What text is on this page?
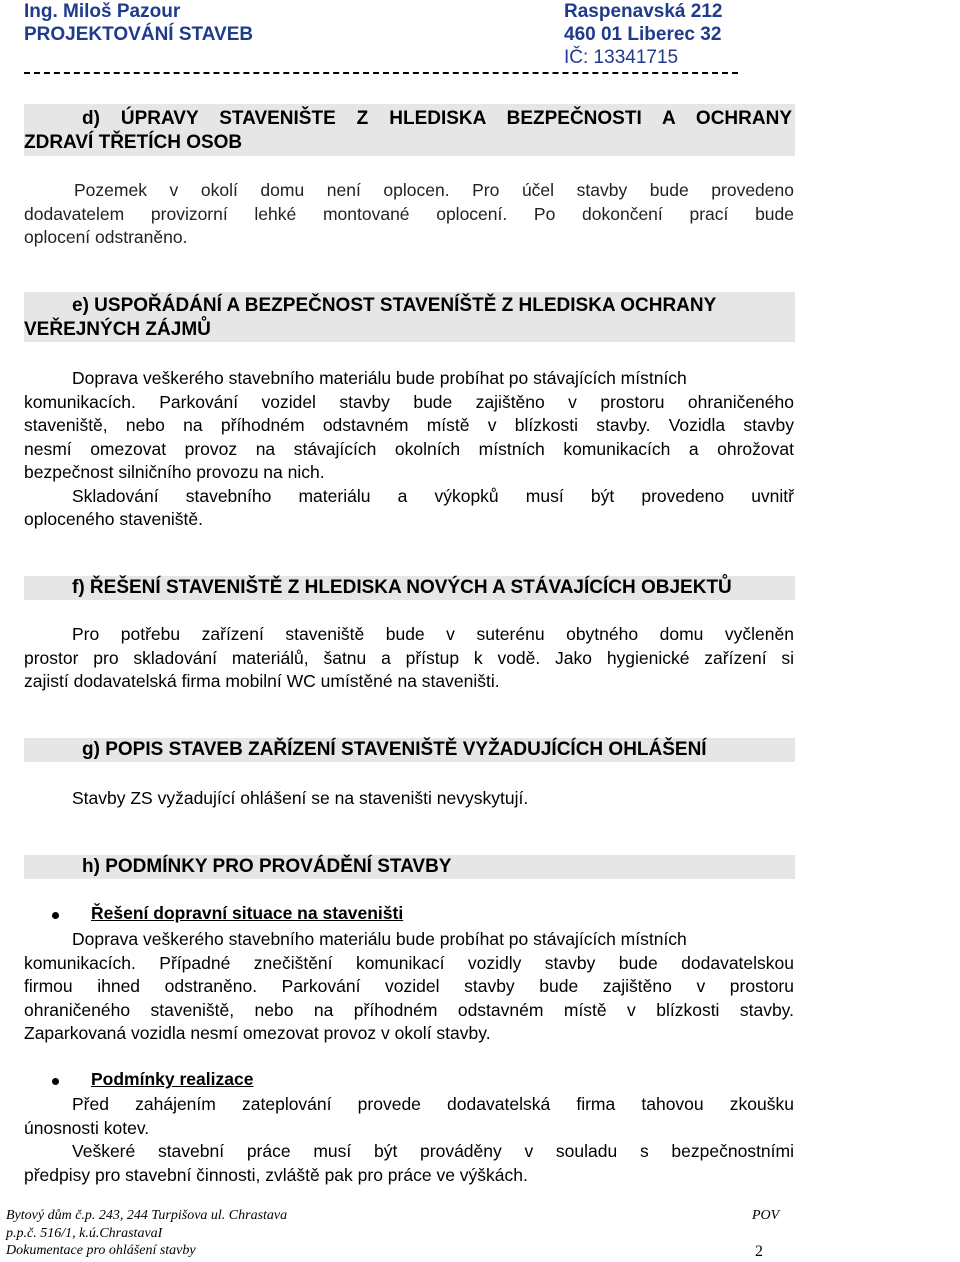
Ing. Miloš Pazour
PROJEKTOVÁNÍ STAVEB
Raspenavská 212
460 01 Liberec 32
IČ: 13341715
d) ÚPRAVY STAVENIŠTE Z HLEDISKA BEZPEČNOSTI A OCHRANY
ZDRAVÍ TŘETÍCH OSOB
Pozemek v okolí domu není oplocen. Pro účel stavby bude provedeno
dodavatelem provizorní lehké montované oplocení. Po dokončení prací bude
oplocení odstraněno.
e) USPOŘÁDÁNÍ A BEZPEČNOST STAVENÍŠTĚ Z HLEDISKA OCHRANY
VEŘEJNÝCH ZÁJMŮ
Doprava veškerého stavebního materiálu bude probíhat po stávajících místních
komunikacích. Parkování vozidel stavby bude zajištěno v prostoru ohraničeného
staveniště, nebo na příhodném odstavném místě v blízkosti stavby. Vozidla stavby
nesmí omezovat provoz na stávajících okolních místních komunikacích a ohrožovat
bezpečnost silničního provozu na nich.
Skladování stavebního materiálu a výkopků musí být provedeno uvnitř
oploceného staveniště.
f) ŘEŠENÍ STAVENIŠTĚ Z HLEDISKA NOVÝCH A STÁVAJÍCÍCH OBJEKTŮ
Pro potřebu zařízení staveniště bude v suterénu obytného domu vyčleněn
prostor pro skladování materiálů, šatnu a přístup k vodě. Jako hygienické zařízení si
zajistí dodavatelská firma mobilní WC umístěné na staveništi.
g) POPIS STAVEB ZAŘÍZENÍ STAVENIŠTĚ VYŽADUJÍCÍCH OHLÁŠENÍ
Stavby ZS vyžadující ohlášení se na staveništi nevyskytují.
h) PODMÍNKY PRO PROVÁDĚNÍ STAVBY
Řešení dopravní situace na staveništi
Doprava veškerého stavebního materiálu bude probíhat po stávajících místních
komunikacích. Případné znečištění komunikací vozidly stavby bude dodavatelskou
firmou ihned odstraněno. Parkování vozidel stavby bude zajištěno v prostoru
ohraničeného staveniště, nebo na příhodném odstavném místě v blízkosti stavby.
Zaparkovaná vozidla nesmí omezovat provoz v okolí stavby.
Podmínky realizace
Před zahájením zateplování provede dodavatelská firma tahovou zkoušku
únosnosti kotev.
Veškeré stavební práce musí být prováděny v souladu s bezpečnostními
předpisy pro stavební činnosti, zvláště pak pro práce ve výškách.
Bytový dům č.p. 243, 244 Turpišova ul. Chrastava
p.p.č. 516/1, k.ú.ChrastavaI
Dokumentace pro ohlášení stavby
POV
2
